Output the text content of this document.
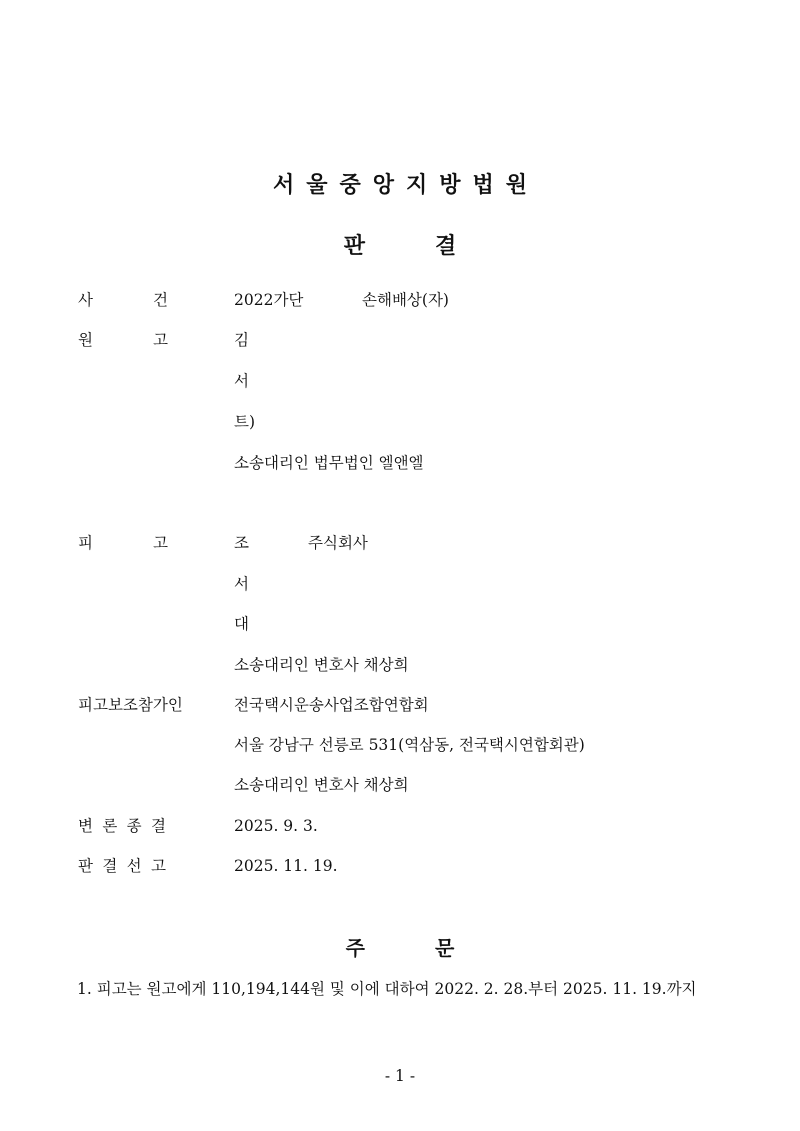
서울중앙지방법원
판	결
사	건	2022가단	손해배상(자)
원	고	김
서
트)
소송대리인 법무법인 엘앤엘
피	고	조	주식회사
서
대
소송대리인 변호사 채상희
피고보조참가인	전국택시운송사업조합연합회
서울 강남구 선릉로 531(역삼동, 전국택시연합회관)
소송대리인 변호사 채상희
변 론 종 결	2025. 9. 3.
판 결 선 고	2025. 11. 19.
주	문
1. 피고는 원고에게 110,194,144원 및 이에 대하여 2022. 2. 28.부터 2025. 11. 19.까지
- 1 -
